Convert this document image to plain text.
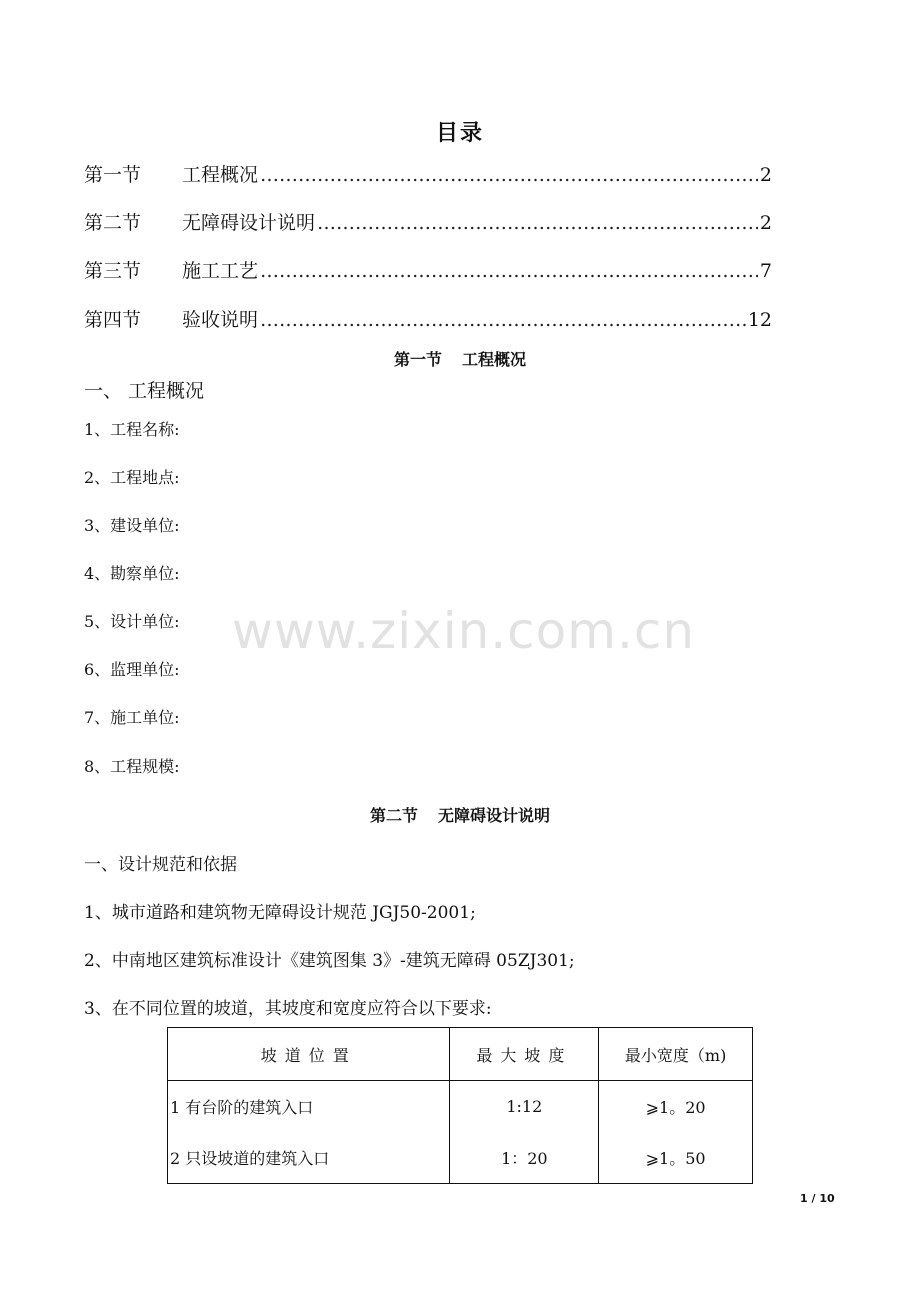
目录
第一节	工程概况 ……………………………………………………………………………………………………………………………………………………………………………	2
第二节	无障碍设计说明 ……………………………………………………………………………………………………………………………………………………………………………	2
第三节	施工工艺 ……………………………………………………………………………………………………………………………………………………………………………	7
第四节	验收说明 ……………………………………………………………………………………………………………………………………………………………………………	12
第一节 工程概况
一、 工程概况
1、工程名称:
2、工程地点:
3、建设单位:
4、勘察单位:
5、设计单位:
6、监理单位:
7、施工单位:
8、工程规模:
第二节 无障碍设计说明
一、设计规范和依据
1、城市道路和建筑物无障碍设计规范 JGJ50-2001;
2、中南地区建筑标准设计《建筑图集 3》-建筑无障碍 05ZJ301;
3、在不同位置的坡道，其坡度和宽度应符合以下要求:
坡道位置	最大坡度	最小宽度（m)
1 有台阶的建筑入口	1:12	⩾1。20
2 只设坡道的建筑入口	1：20	⩾1。50
www.zixin.com.cn
1 / 10
